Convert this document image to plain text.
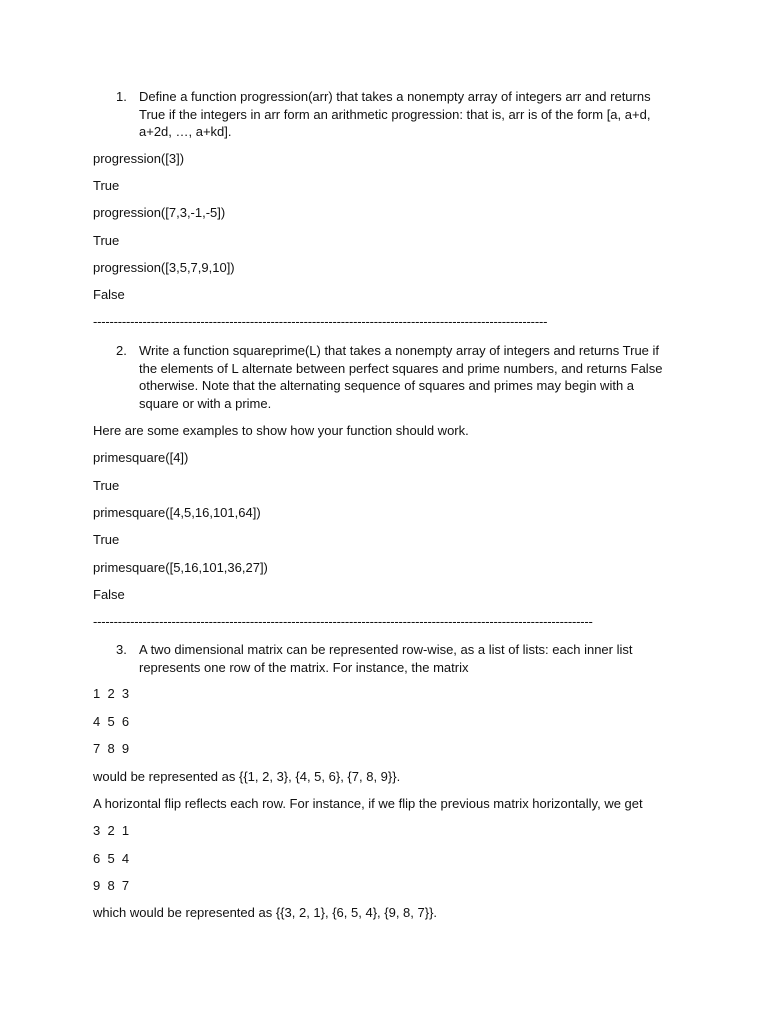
1. Define a function progression(arr) that takes a nonempty array of integers arr and returns True if the integers in arr form an arithmetic progression: that is, arr is of the form [a, a+d, a+2d, …, a+kd].
progression([3])
True
progression([7,3,-1,-5])
True
progression([3,5,7,9,10])
False
--------------------------------------------------------------------------------------------------------------
2. Write a function squareprime(L) that takes a nonempty array of integers and returns True if the elements of L alternate between perfect squares and prime numbers, and returns False otherwise. Note that the alternating sequence of squares and primes may begin with a square or with a prime.
Here are some examples to show how your function should work.
primesquare([4])
True
primesquare([4,5,16,101,64])
True
primesquare([5,16,101,36,27])
False
-------------------------------------------------------------------------------------------------------------------------
3. A two dimensional matrix can be represented row-wise, as a list of lists: each inner list represents one row of the matrix. For instance, the matrix
1  2  3
4  5  6
7  8  9
would be represented as {{1, 2, 3}, {4, 5, 6}, {7, 8, 9}}.
A horizontal flip reflects each row. For instance, if we flip the previous matrix horizontally, we get
3  2  1
6  5  4
9  8  7
which would be represented as {{3, 2, 1}, {6, 5, 4}, {9, 8, 7}}.
